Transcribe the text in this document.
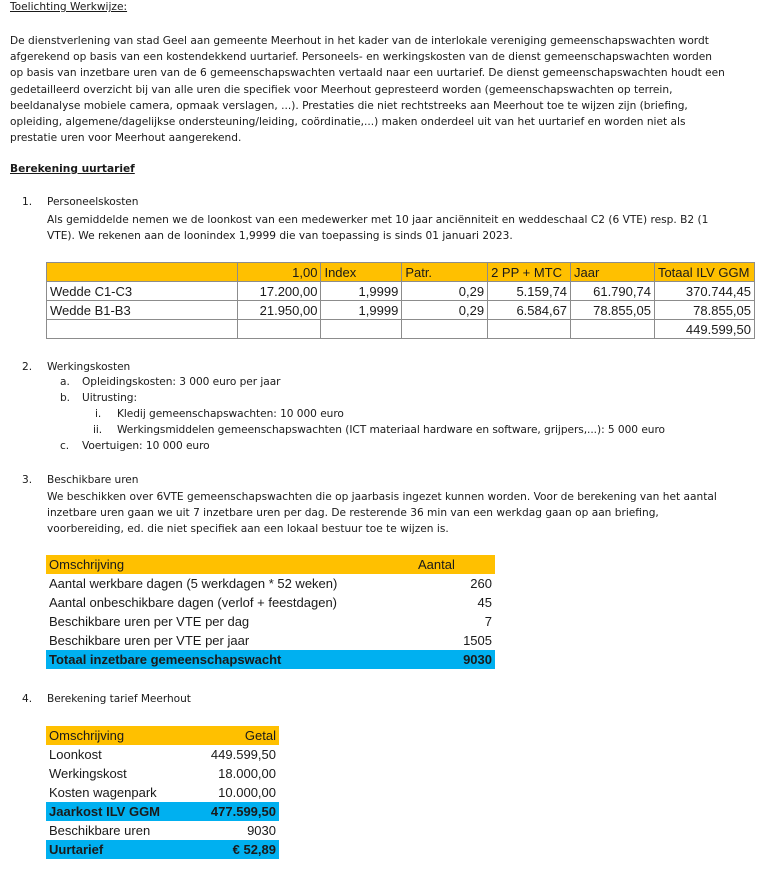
Toelichting Werkwijze:
De dienstverlening van stad Geel aan gemeente Meerhout in het kader van de interlokale vereniging gemeenschapswachten wordt
afgerekend op basis van een kostendekkend uurtarief. Personeels- en werkingskosten van de dienst gemeenschapswachten worden
op basis van inzetbare uren van de 6 gemeenschapswachten vertaald naar een uurtarief. De dienst gemeenschapswachten houdt een
gedetailleerd overzicht bij van alle uren die specifiek voor Meerhout gepresteerd worden (gemeenschapswachten op terrein,
beeldanalyse mobiele camera, opmaak verslagen, ...). Prestaties die niet rechtstreeks aan Meerhout toe te wijzen zijn (briefing,
opleiding, algemene/dagelijkse ondersteuning/leiding, coördinatie,...) maken onderdeel uit van het uurtarief en worden niet als
prestatie uren voor Meerhout aangerekend.
Berekening uurtarief
1. Personeelskosten
Als gemiddelde nemen we de loonkost van een medewerker met 10 jaar anciënniteit en weddeschaal C2 (6 VTE) resp. B2 (1
VTE). We rekenen aan de loonindex 1,9999 die van toepassing is sinds 01 januari 2023.
	1,00	Index	Patr.	2 PP + MTC	Jaar	Totaal ILV GGM
Wedde C1-C3	17.200,00	1,9999	0,29	5.159,74	61.790,74	370.744,45
Wedde B1-B3	21.950,00	1,9999	0,29	6.584,67	78.855,05	78.855,05
						449.599,50
2. Werkingskosten
a. Opleidingskosten: 3 000 euro per jaar
b. Uitrusting:
i. Kledij gemeenschapswachten: 10 000 euro
ii. Werkingsmiddelen gemeenschapswachten (ICT materiaal hardware en software, grijpers,...): 5 000 euro
c. Voertuigen: 10 000 euro
3. Beschikbare uren
We beschikken over 6VTE gemeenschapswachten die op jaarbasis ingezet kunnen worden. Voor de berekening van het aantal
inzetbare uren gaan we uit 7 inzetbare uren per dag. De resterende 36 min van een werkdag gaan op aan briefing,
voorbereiding, ed. die niet specifiek aan een lokaal bestuur toe te wijzen is.
Omschrijving	Aantal
Aantal werkbare dagen (5 werkdagen * 52 weken)	260
Aantal onbeschikbare dagen (verlof + feestdagen)	45
Beschikbare uren per VTE per dag	7
Beschikbare uren per VTE per jaar	1505
Totaal inzetbare gemeenschapswacht	9030
4. Berekening tarief Meerhout
Omschrijving	Getal
Loonkost	449.599,50
Werkingskost	18.000,00
Kosten wagenpark	10.000,00
Jaarkost ILV GGM	477.599,50
Beschikbare uren	9030
Uurtarief	€ 52,89
